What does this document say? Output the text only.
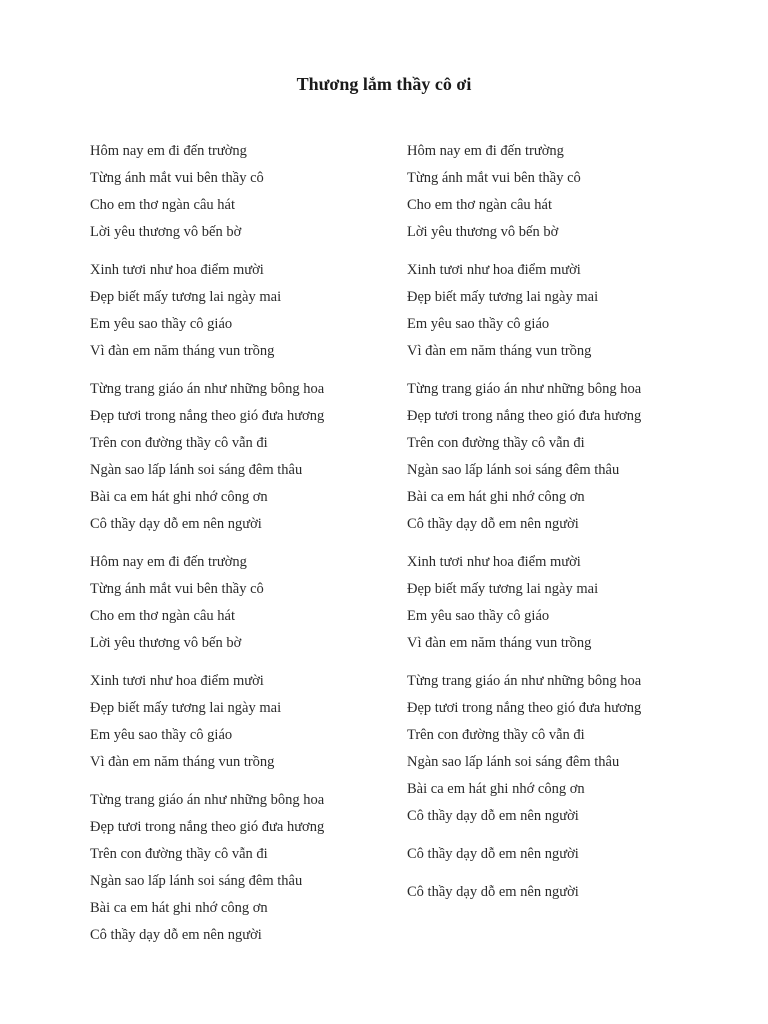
Thương lắm thầy cô ơi
Hôm nay em đi đến trường
Từng ánh mắt vui bên thầy cô
Cho em thơ ngàn câu hát
Lời yêu thương vô bến bờ
Xinh tươi như hoa điểm mười
Đẹp biết mấy tương lai ngày mai
Em yêu sao thầy cô giáo
Vì đàn em năm tháng vun trồng
Từng trang giáo án như những bông hoa
Đẹp tươi trong nắng theo gió đưa hương
Trên con đường thầy cô vẫn đi
Ngàn sao lấp lánh soi sáng đêm thâu
Bài ca em hát ghi nhớ công ơn
Cô thầy dạy dỗ em nên người
Hôm nay em đi đến trường
Từng ánh mắt vui bên thầy cô
Cho em thơ ngàn câu hát
Lời yêu thương vô bến bờ
Xinh tươi như hoa điểm mười
Đẹp biết mấy tương lai ngày mai
Em yêu sao thầy cô giáo
Vì đàn em năm tháng vun trồng
Từng trang giáo án như những bông hoa
Đẹp tươi trong nắng theo gió đưa hương
Trên con đường thầy cô vẫn đi
Ngàn sao lấp lánh soi sáng đêm thâu
Bài ca em hát ghi nhớ công ơn
Cô thầy dạy dỗ em nên người
Hôm nay em đi đến trường
Từng ánh mắt vui bên thầy cô
Cho em thơ ngàn câu hát
Lời yêu thương vô bến bờ
Xinh tươi như hoa điểm mười
Đẹp biết mấy tương lai ngày mai
Em yêu sao thầy cô giáo
Vì đàn em năm tháng vun trồng
Từng trang giáo án như những bông hoa
Đẹp tươi trong nắng theo gió đưa hương
Trên con đường thầy cô vẫn đi
Ngàn sao lấp lánh soi sáng đêm thâu
Bài ca em hát ghi nhớ công ơn
Cô thầy dạy dỗ em nên người
Xinh tươi như hoa điểm mười
Đẹp biết mấy tương lai ngày mai
Em yêu sao thầy cô giáo
Vì đàn em năm tháng vun trồng
Từng trang giáo án như những bông hoa
Đẹp tươi trong nắng theo gió đưa hương
Trên con đường thầy cô vẫn đi
Ngàn sao lấp lánh soi sáng đêm thâu
Bài ca em hát ghi nhớ công ơn
Cô thầy dạy dỗ em nên người
Cô thầy dạy dỗ em nên người
Cô thầy dạy dỗ em nên người
